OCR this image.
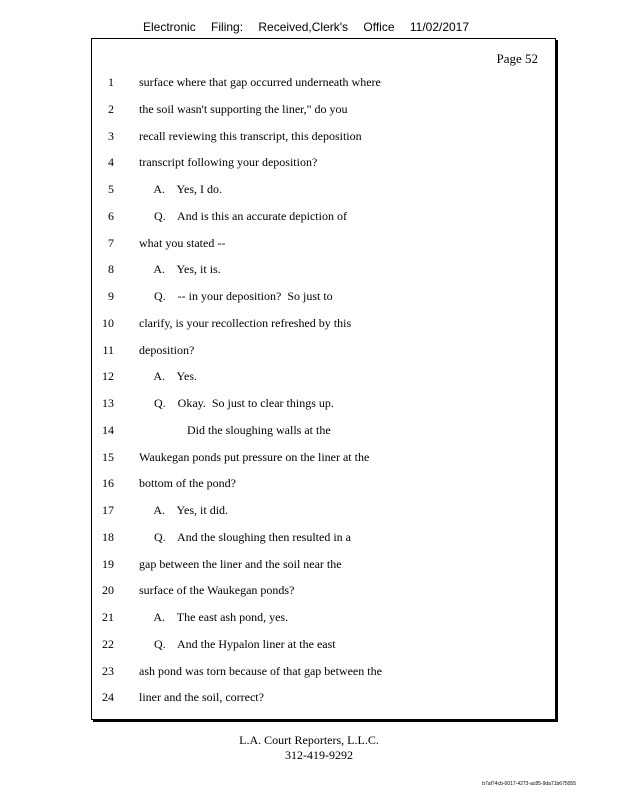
Electronic Filing: Received,Clerk's Office 11/02/2017

Page 52

1 surface where that gap occurred underneath where
2 the soil wasn't supporting the liner," do you
3 recall reviewing this transcript, this deposition
4 transcript following your deposition?
5 A.    Yes, I do.
6 Q.    And is this an accurate depiction of
7 what you stated --
8 A.    Yes, it is.
9 Q.    -- in your deposition?  So just to
10 clarify, is your recollection refreshed by this
11 deposition?
12 A.    Yes.
13 Q.    Okay.  So just to clear things up.
14 Did the sloughing walls at the
15 Waukegan ponds put pressure on the liner at the
16 bottom of the pond?
17 A.    Yes, it did.
18 Q.    And the sloughing then resulted in a
19 gap between the liner and the soil near the
20 surface of the Waukegan ponds?
21 A.    The east ash pond, yes.
22 Q.    And the Hypalon liner at the east
23 ash pond was torn because of that gap between the
24 liner and the soil, correct?

L.A. Court Reporters, L.L.C.

312-419-9292

b7af74cb-0017-4273-ac85-9da71b675055
